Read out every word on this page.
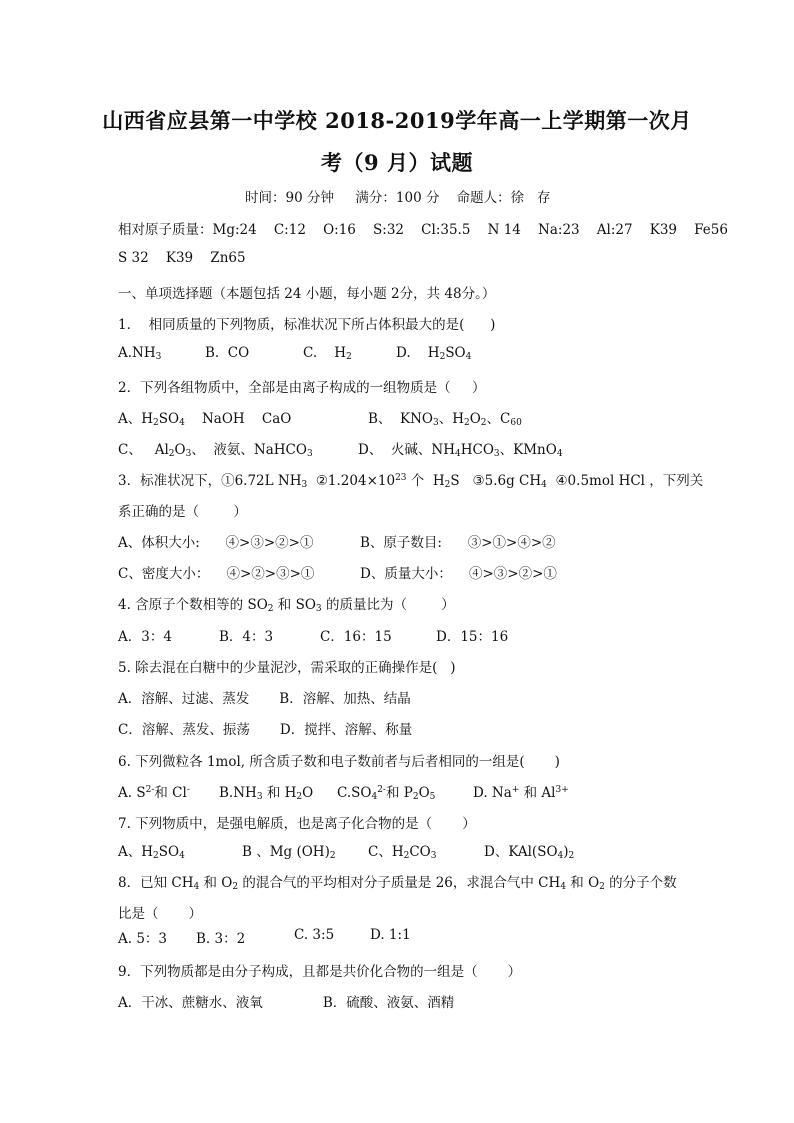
山西省应县第一中学校 2018-2019学年高一上学期第一次月
考（9 月）试题
时间：90 分钟     满分：100 分    命题人：徐   存
相对原子质量：Mg:24    C:12    O:16    S:32    Cl:35.5    N 14    Na:23    Al:27    K39    Fe56
S 32    K39    Zn65
一、单项选择题（本题包括 24 小题，每小题 2分，共 48分。）
1．  相同质量的下列物质，标准状况下所占体积最大的是(      )

$A.NH_3$

	B.  CO

	C.    $H_2$

	D.    $H_2SO_4$

2．下列各组物质中，全部是由离子构成的一组物质是（     ）

A、$H_2SO_4$    NaOH    CaO

	B、  $KNO_3$、$H_2O_2$、$C_{60}$

C、   $Al_2O_3$、  液氨、NaHCO$_3$

	D、  火碱、$NH_4HCO_3$、KMnO$_4$

3．标准状况下，①6.72L $NH_3$  $②1.204\times 10^{23}$ 个  $H_2S$   ③5.6g $CH_4$  ④0.5mol HCl ，下列关
系正确的是（        ）

A、体积大小:      ④>③>②>①

	B、原子数目:      ③>①>④>②

C、密度大小：    ④>②>③>①

	D、质量大小：    ④>③>②>①

4. 含原子个数相等的 $SO_2$ 和 $SO_3$ 的质量比为（        ）

A．3：4

	B．4：3

	C．16：15

	D．15：16

5. 除去混在白糖中的少量泥沙，需采取的正确操作是(   )
A．溶解、过滤、蒸发       B．溶解、加热、结晶
C．溶解、蒸发、振荡       D．搅拌、溶解、称量
6. 下列微粒各 1mol, 所含质子数和电子数前者与后者相同的一组是(       )

A. $S^{2-}$和 Cl-

$B.NH_3$ 和 $H_2O$

$C.SO_4^{2-}$和 $P_2O_5$

	D. Na+ 和 $Al^{3+}$

7. 下列物质中，是强电解质，也是离子化合物的是（       ）

A、$H_2SO_4$

	B 、Mg $(OH)_2$

C、$H_2CO_3$

	D、$KAl(SO_4)_2$

8．已知 $CH_4$ 和 $O_2$ 的混合气的平均相对分子质量是 26，求混合气中 $CH_4$ 和 $O_2$ 的分子个数
比是（       ）

A. 5：3

B. 3：2

	C. 3:5

	D. 1:1

9．下列物质都是由分子构成，且都是共价化合物的一组是（       ）
A．干冰、蔗糖水、液氧              B．硫酸、液氨、酒精
